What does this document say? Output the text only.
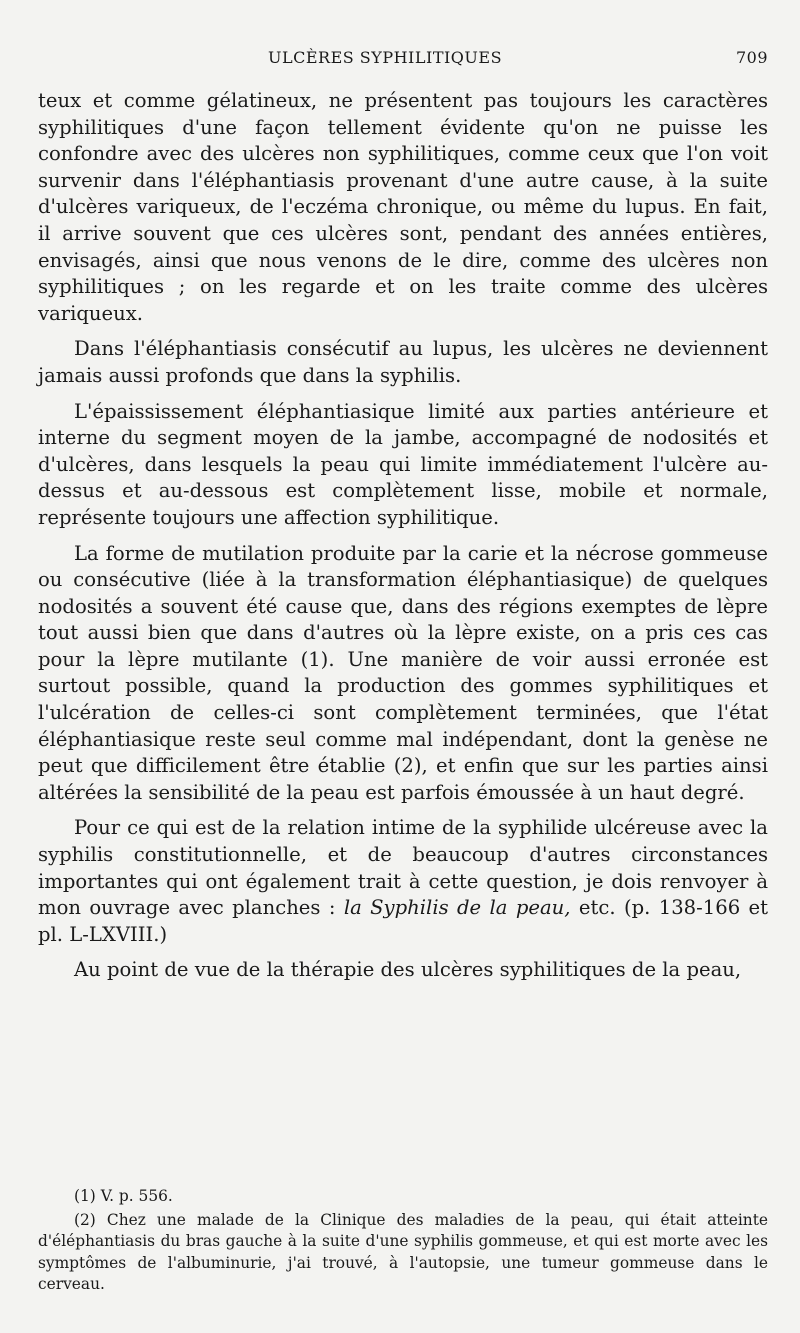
ULCÈRES SYPHILITIQUES	709

teux et comme gélatineux, ne présentent pas toujours les caractères syphilitiques d'une façon tellement évidente qu'on ne puisse les confondre avec des ulcères non syphilitiques, comme ceux que l'on voit survenir dans l'éléphantiasis provenant d'une autre cause, à la suite d'ulcères variqueux, de l'eczéma chronique, ou même du lupus. En fait, il arrive souvent que ces ulcères sont, pendant des années entières, envisagés, ainsi que nous venons de le dire, comme des ulcères non syphilitiques ; on les regarde et on les traite comme des ulcères variqueux.

Dans l'éléphantiasis consécutif au lupus, les ulcères ne deviennent jamais aussi profonds que dans la syphilis.

L'épaississement éléphantiasique limité aux parties antérieure et interne du segment moyen de la jambe, accompagné de nodosités et d'ulcères, dans lesquels la peau qui limite immédiatement l'ulcère au-dessus et au-dessous est complètement lisse, mobile et normale, représente toujours une affection syphilitique.

La forme de mutilation produite par la carie et la nécrose gommeuse ou consécutive (liée à la transformation éléphantiasique) de quelques nodosités a souvent été cause que, dans des régions exemptes de lèpre tout aussi bien que dans d'autres où la lèpre existe, on a pris ces cas pour la lèpre mutilante (1). Une manière de voir aussi erronée est surtout possible, quand la production des gommes syphilitiques et l'ulcération de celles-ci sont complètement terminées, que l'état éléphantiasique reste seul comme mal indépendant, dont la genèse ne peut que difficilement être établie (2), et enfin que sur les parties ainsi altérées la sensibilité de la peau est parfois émoussée à un haut degré.

Pour ce qui est de la relation intime de la syphilide ulcéreuse avec la syphilis constitutionnelle, et de beaucoup d'autres circonstances importantes qui ont également trait à cette question, je dois renvoyer à mon ouvrage avec planches : la Syphilis de la peau, etc. (p. 138-166 et pl. L-LXVIII.)

Au point de vue de la thérapie des ulcères syphilitiques de la peau,

(1) V. p. 556.

(2) Chez une malade de la Clinique des maladies de la peau, qui était atteinte d'éléphantiasis du bras gauche à la suite d'une syphilis gommeuse, et qui est morte avec les symptômes de l'albuminurie, j'ai trouvé, à l'autopsie, une tumeur gommeuse dans le cerveau.
